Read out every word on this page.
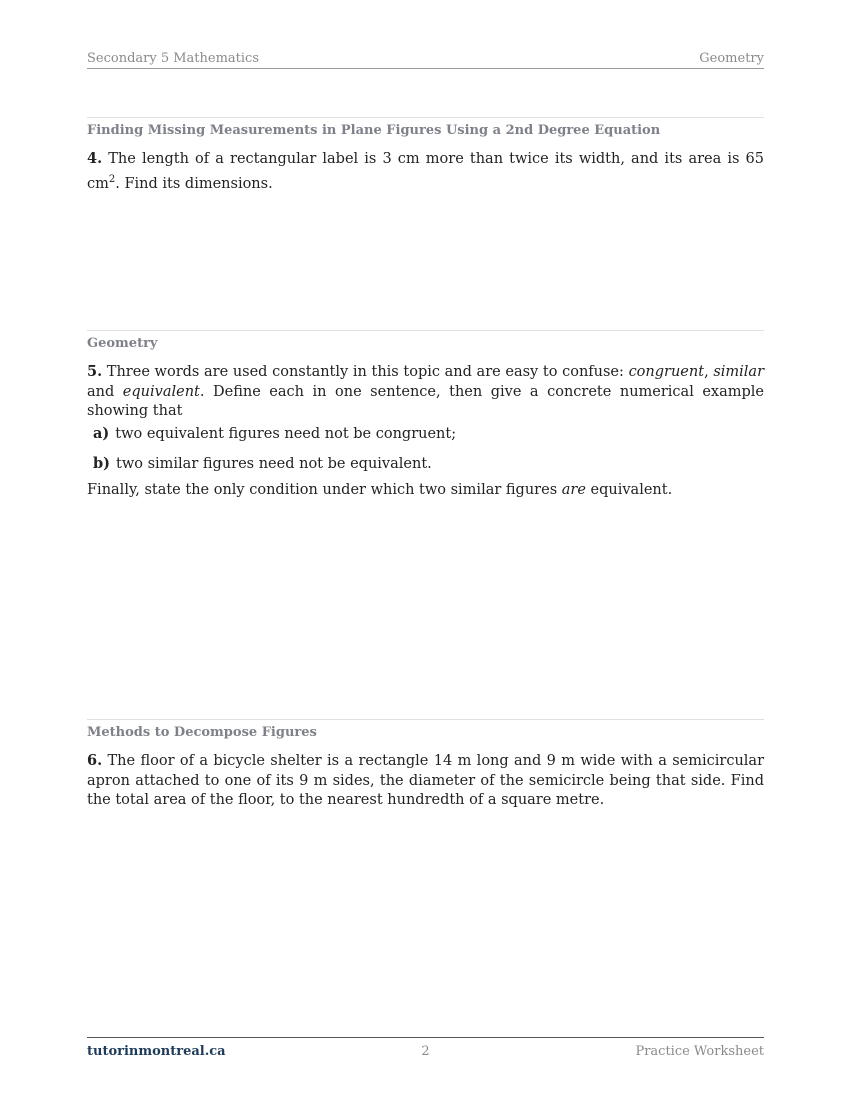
Secondary 5 Mathematics	Geometry
Finding Missing Measurements in Plane Figures Using a 2nd Degree Equation
4. The length of a rectangular label is 3 cm more than twice its width, and its area is 65 $cm^2$. Find its dimensions.
Geometry
5. Three words are used constantly in this topic and are easy to confuse: congruent, similar and equivalent. Define each in one sentence, then give a concrete numerical example showing that
a) two equivalent figures need not be congruent;
b) two similar figures need not be equivalent.
Finally, state the only condition under which two similar figures are equivalent.
Methods to Decompose Figures
6. The floor of a bicycle shelter is a rectangle 14 m long and 9 m wide with a semicircular apron attached to one of its 9 m sides, the diameter of the semicircle being that side. Find the total area of the floor, to the nearest hundredth of a square metre.
tutorinmontreal.ca	2	Practice Worksheet
